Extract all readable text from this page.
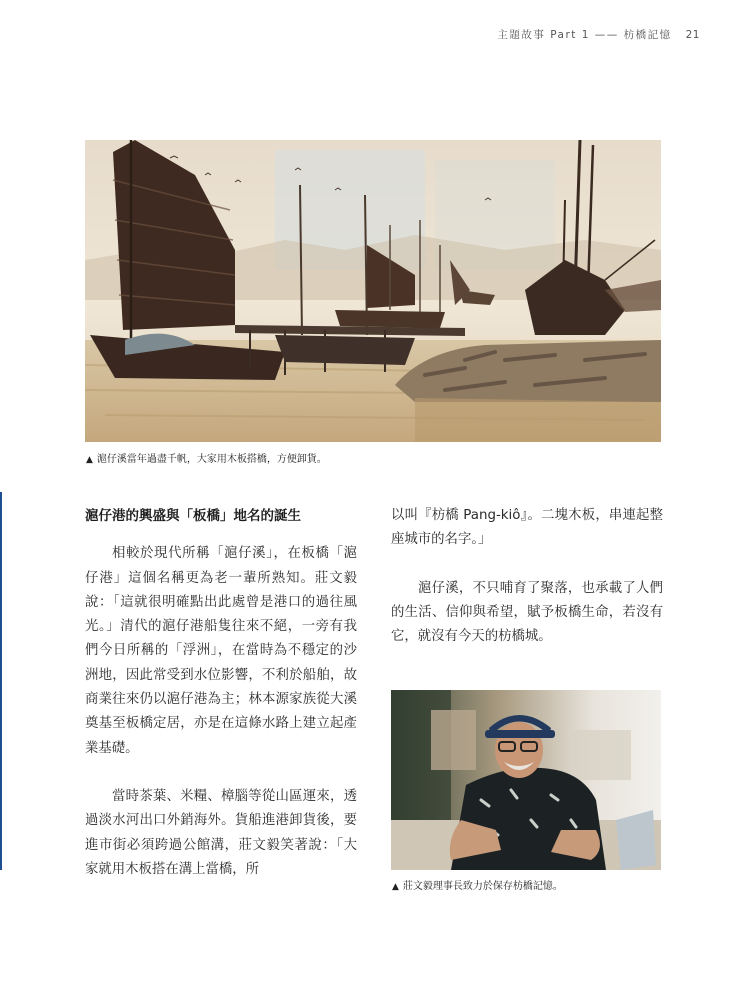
主題故事 Part 1 —— 枋橋記憶 21
▲ 滬仔溪當年過盡千帆，大家用木板搭橋，方便卸貨。

滬仔港的興盛與「板橋」地名的誕生

相較於現代所稱「滬仔溪」，在板橋「滬仔港」這個名稱更為老一輩所熟知。莊文毅說：「這就很明確點出此處曾是港口的過往風光。」清代的滬仔港船隻往來不絕，一旁有我們今日所稱的「浮洲」，在當時為不穩定的沙洲地，因此常受到水位影響，不利於船舶，故商業往來仍以滬仔港為主；林本源家族從大溪奠基至板橋定居，亦是在這條水路上建立起產業基礎。

當時茶葉、米糧、樟腦等從山區運來，透過淡水河出口外銷海外。貨船進港卸貨後，要進市街必須跨過公館溝，莊文毅笑著說：「大家就用木板搭在溝上當橋，所

以叫『枋橋 Pang-kiô』。二塊木板，串連起整座城市的名字。」

滬仔溪，不只哺育了聚落，也承載了人們的生活、信仰與希望，賦予板橋生命，若沒有它，就沒有今天的枋橋城。

▲ 莊文毅理事長致力於保存枋橋記憶。
